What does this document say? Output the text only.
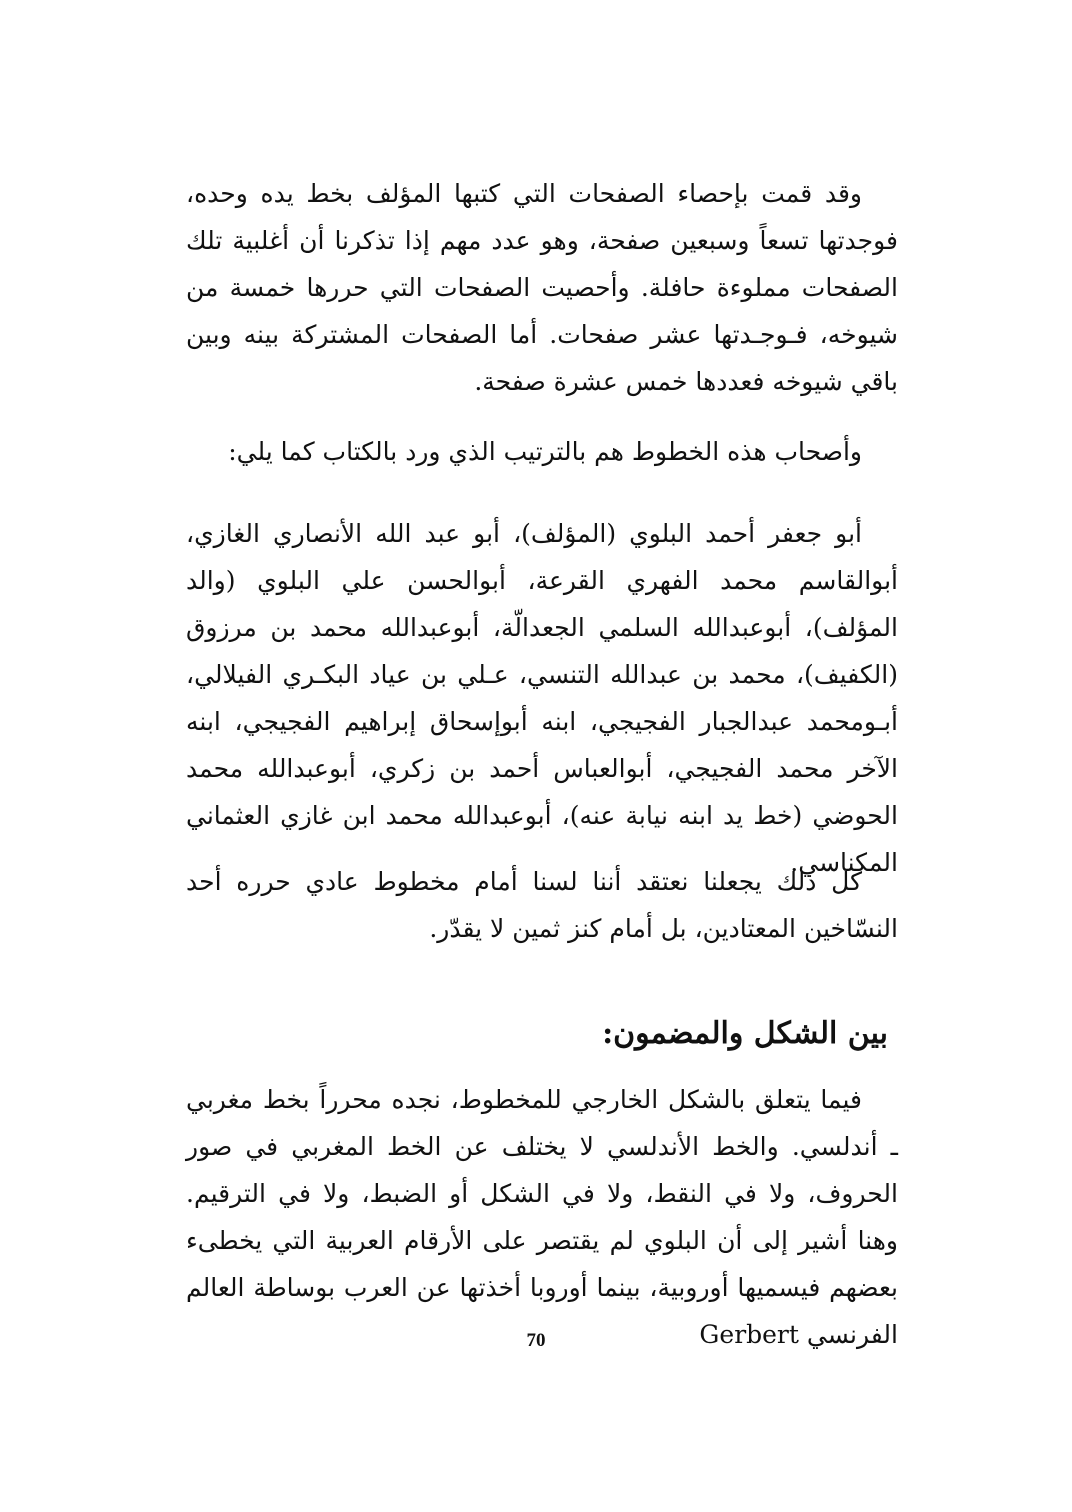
وقد قمت بإحصاء الصفحات التي كتبها المؤلف بخط يده وحده، فوجدتها تسعاً وسبعين صفحة، وهو عدد مهم إذا تذكرنا أن أغلبية تلك الصفحات مملوءة حافلة. وأحصيت الصفحات التي حررها خمسة من شيوخه، فـوجـدتها عشر صفحات. أما الصفحات المشتركة بينه وبين باقي شيوخه فعددها خمس عشرة صفحة.

وأصحاب هذه الخطوط هم بالترتيب الذي ورد بالكتاب كما يلي:

أبو جعفر أحمد البلوي (المؤلف)، أبو عبد الله الأنصاري الغازي، أبوالقاسم محمد الفهري القرعة، أبوالحسن علي البلوي (والد المؤلف)، أبوعبدالله السلمي الجعدالّة، أبوعبدالله محمد بن مرزوق (الكفيف)، محمد بن عبدالله التنسي، عـلي بن عياد البكـري الفيلالي، أبـومحمد عبدالجبار الفجيجي، ابنه أبوإسحاق إبراهيم الفجيجي، ابنه الآخر محمد الفجيجي، أبوالعباس أحمد بن زكري، أبوعبدالله محمد الحوضي (خط يد ابنه نيابة عنه)، أبوعبدالله محمد ابن غازي العثماني المكناسي.

كل ذلك يجعلنا نعتقد أننا لسنا أمام مخطوط عادي حرره أحد النسّاخين المعتادين، بل أمام كنز ثمين لا يقدّر.

بين الشكل والمضمون:

فيما يتعلق بالشكل الخارجي للمخطوط، نجده محرراً بخط مغربي ـ أندلسي. والخط الأندلسي لا يختلف عن الخط المغربي في صور الحروف، ولا في النقط، ولا في الشكل أو الضبط، ولا في الترقيم. وهنا أشير إلى أن البلوي لم يقتصر على الأرقام العربية التي يخطىء بعضهم فيسميها أوروبية، بينما أوروبا أخذتها عن العرب بوساطة العالم الفرنسي Gerbert

70
